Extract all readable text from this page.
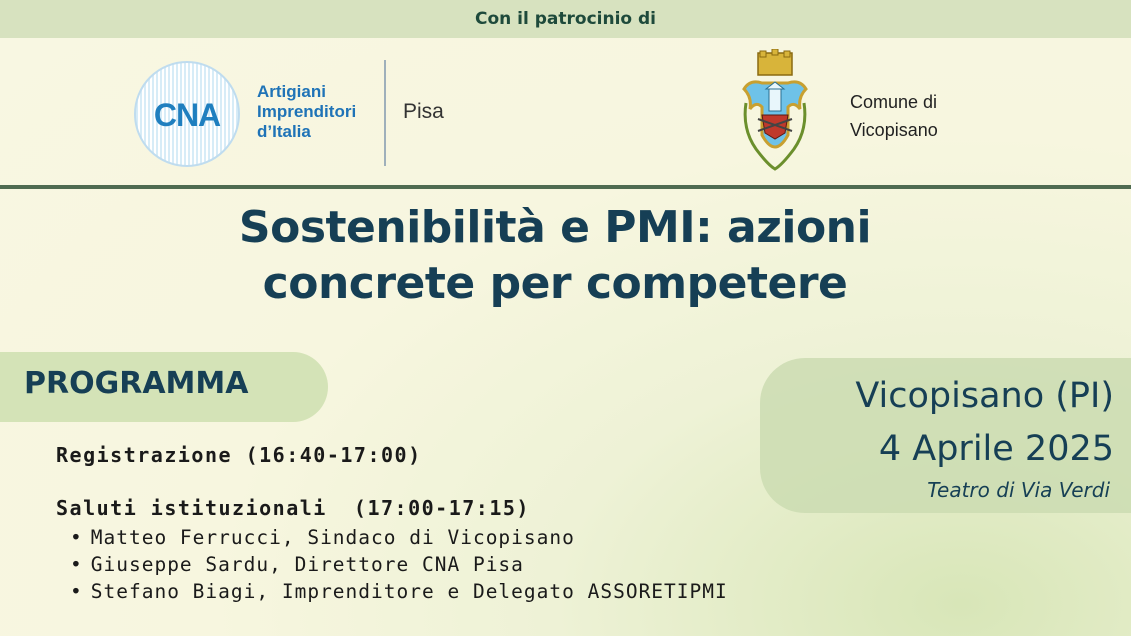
Con il patrocinio di
CNA
Artigiani
Imprenditori
d’Italia
Pisa	Comune di
Vicopisano
Sostenibilità e PMI: azioni
concrete per competere
PROGRAMMA	Vicopisano (PI)
4 Aprile 2025
Teatro di Via Verdi
Registrazione (16:40-17:00)
Saluti istituzionali  (17:00-17:15)
• Matteo Ferrucci, Sindaco di Vicopisano
• Giuseppe Sardu, Direttore CNA Pisa
• Stefano Biagi, Imprenditore e Delegato ASSORETIPMI
